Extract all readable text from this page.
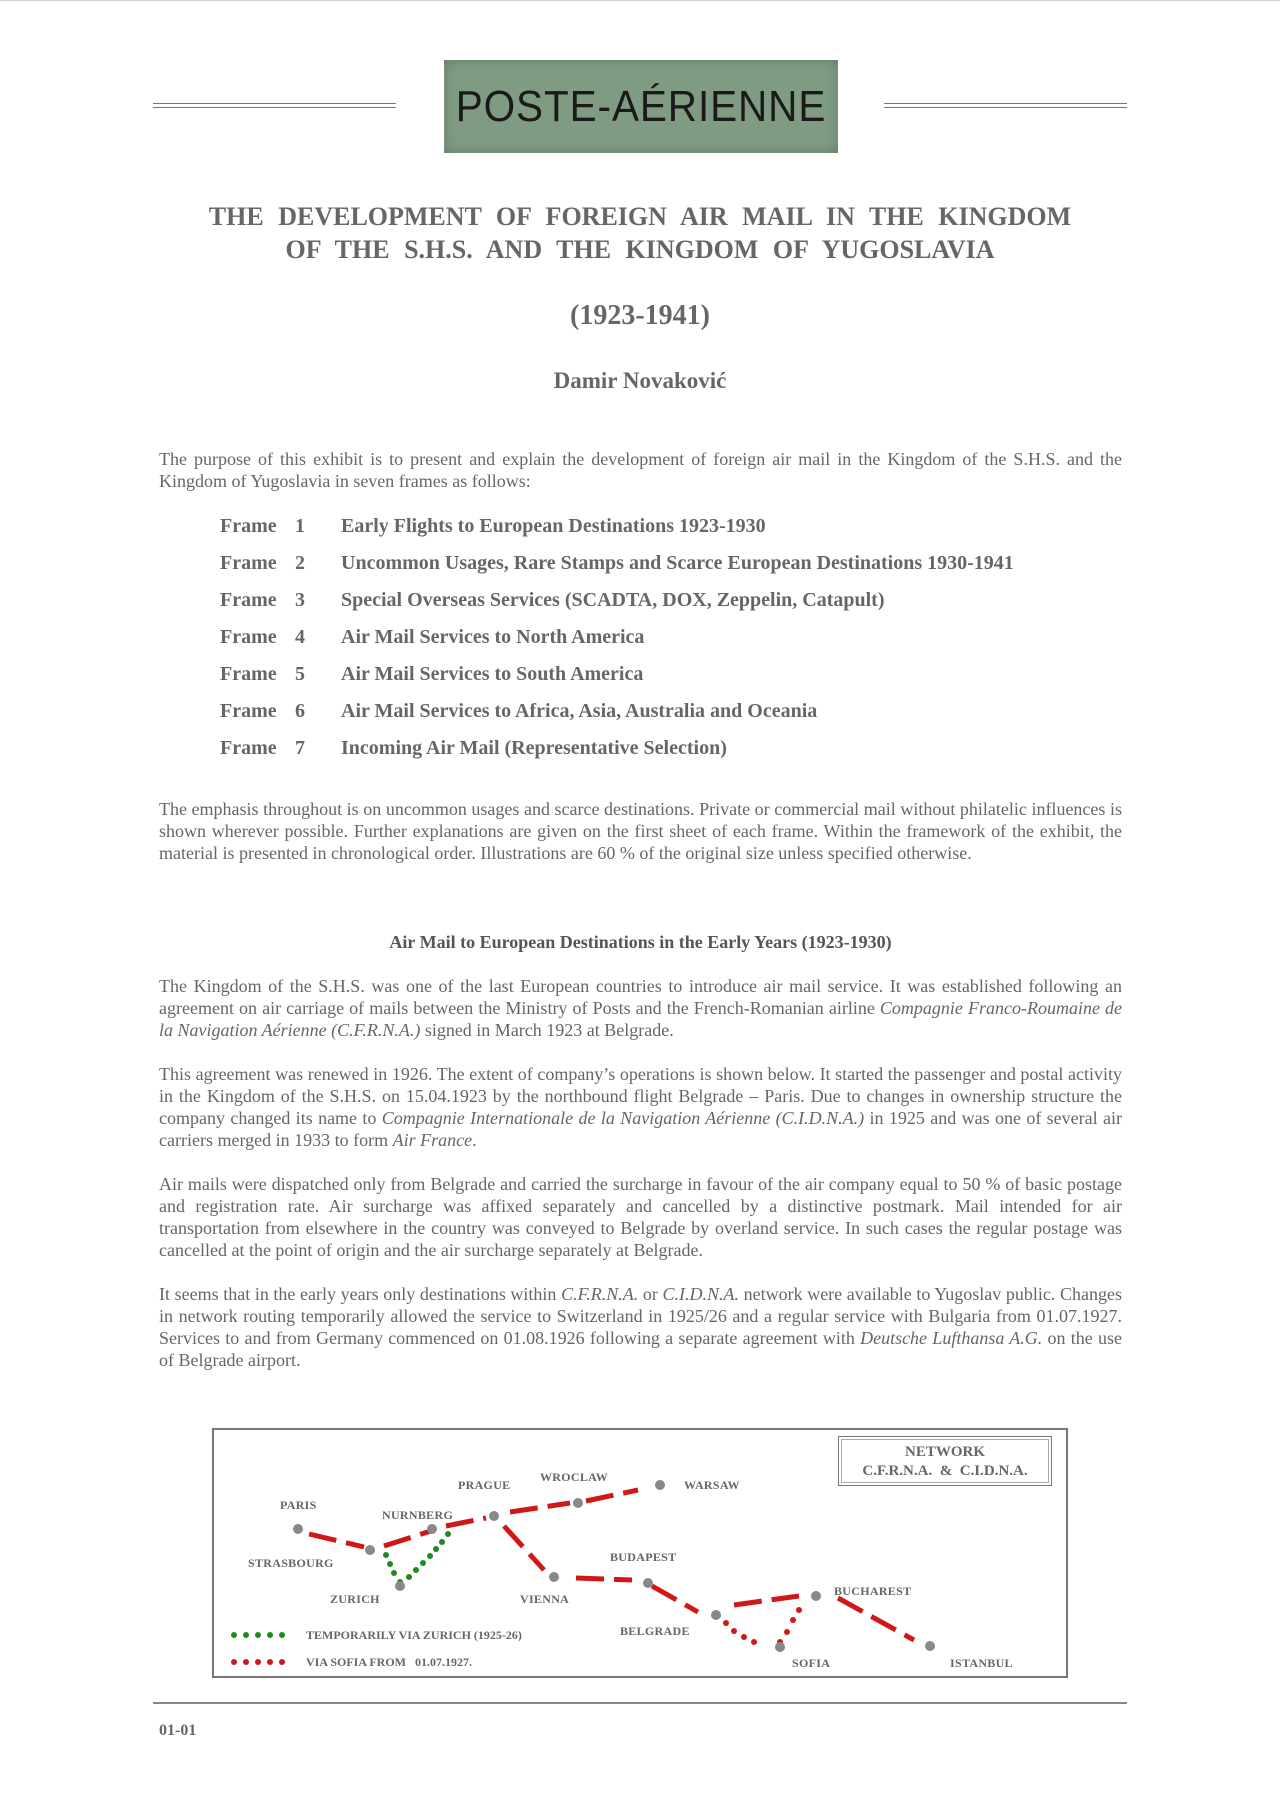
POSTE-AÉRIENNE
THE DEVELOPMENT OF FOREIGN AIR MAIL IN THE KINGDOM
OF THE S.H.S. AND THE KINGDOM OF YUGOSLAVIA
(1923-1941)
Damir Novaković
The purpose of this exhibit is to present and explain the development of foreign air mail in the Kingdom of the S.H.S. and the Kingdom of Yugoslavia in seven frames as follows:
Frame 1 Early Flights to European Destinations 1923-1930
Frame 2 Uncommon Usages, Rare Stamps and Scarce European Destinations 1930-1941
Frame 3 Special Overseas Services (SCADTA, DOX, Zeppelin, Catapult)
Frame 4 Air Mail Services to North America
Frame 5 Air Mail Services to South America
Frame 6 Air Mail Services to Africa, Asia, Australia and Oceania
Frame 7 Incoming Air Mail (Representative Selection)
The emphasis throughout is on uncommon usages and scarce destinations. Private or commercial mail without philatelic influences is shown wherever possible. Further explanations are given on the first sheet of each frame. Within the framework of the exhibit, the material is presented in chronological order. Illustrations are 60 % of the original size unless specified otherwise.
Air Mail to European Destinations in the Early Years (1923-1930)
The Kingdom of the S.H.S. was one of the last European countries to introduce air mail service. It was established following an agreement on air carriage of mails between the Ministry of Posts and the French-Romanian airline Compagnie Franco-Roumaine de la Navigation Aérienne (C.F.R.N.A.) signed in March 1923 at Belgrade.
This agreement was renewed in 1926. The extent of company’s operations is shown below. It started the passenger and postal activity in the Kingdom of the S.H.S. on 15.04.1923 by the northbound flight Belgrade – Paris. Due to changes in ownership structure the company changed its name to Compagnie Internationale de la Navigation Aérienne (C.I.D.N.A.) in 1925 and was one of several air carriers merged in 1933 to form Air France.
Air mails were dispatched only from Belgrade and carried the surcharge in favour of the air company equal to 50 % of basic postage and registration rate. Air surcharge was affixed separately and cancelled by a distinctive postmark. Mail intended for air transportation from elsewhere in the country was conveyed to Belgrade by overland service. In such cases the regular postage was cancelled at the point of origin and the air surcharge separately at Belgrade.
It seems that in the early years only destinations within C.F.R.N.A. or C.I.D.N.A. network were available to Yugoslav public. Changes in network routing temporarily allowed the service to Switzerland in 1925/26 and a regular service with Bulgaria from 01.07.1927. Services to and from Germany commenced on 01.08.1926 following a separate agreement with Deutsche Lufthansa A.G. on the use of Belgrade airport.
NETWORK
C.F.R.N.A.  &  C.I.D.N.A.
PARIS
STRASBOURG
ZURICH
NURNBERG
PRAGUE
WROCLAW
WARSAW
VIENNA
BUDAPEST
BELGRADE
SOFIA
BUCHAREST
ISTANBUL
TEMPORARILY VIA ZURICH (1925-26)
VIA SOFIA FROM   01.07.1927.
01-01
